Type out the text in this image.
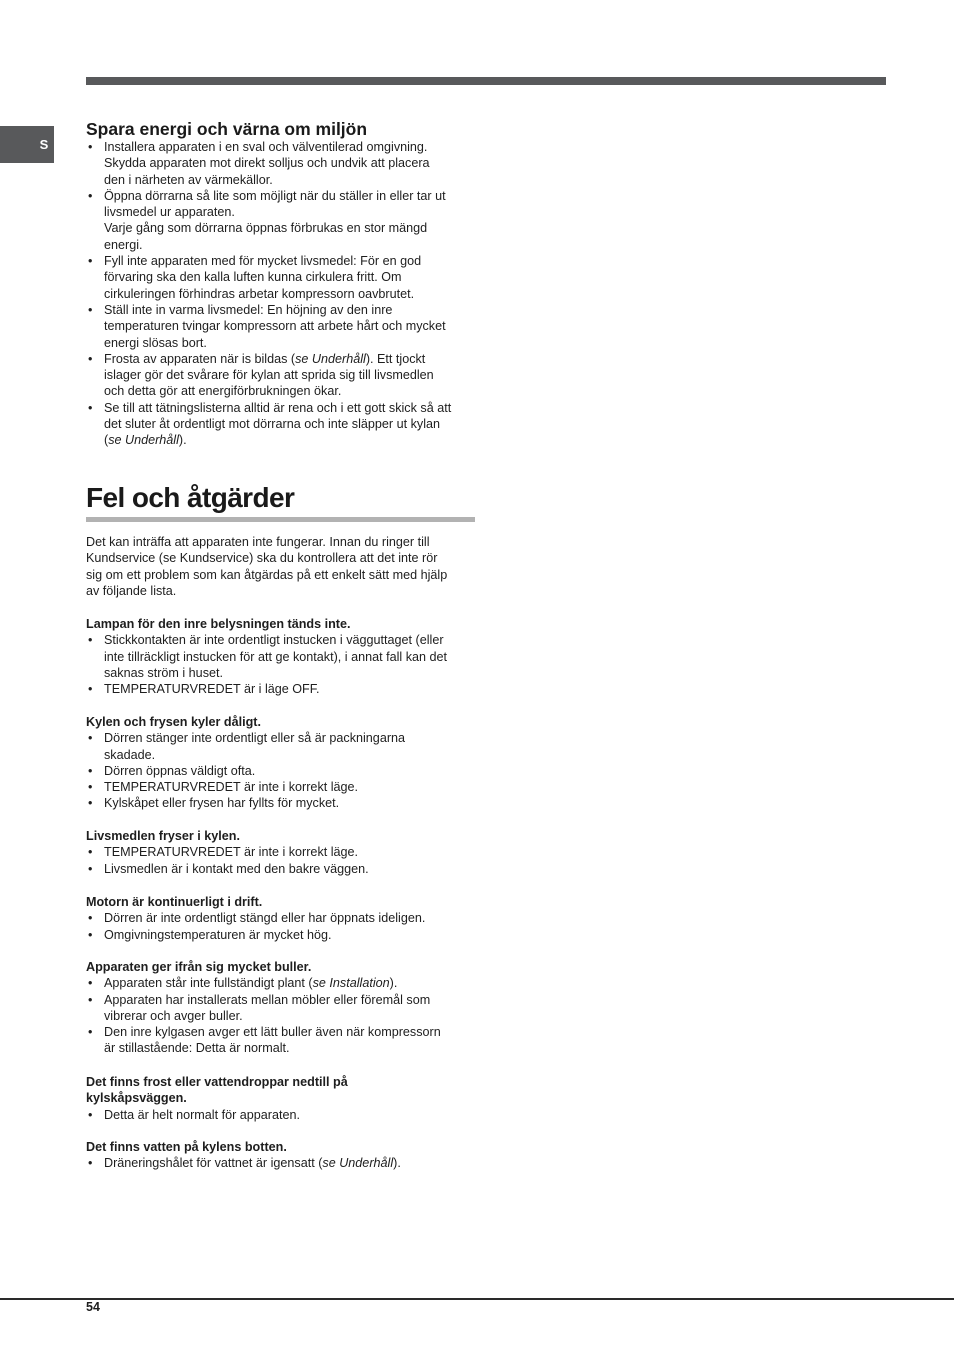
S
Spara energi och värna om miljön
• Installera apparaten i en sval och välventilerad omgivning.
Skydda apparaten mot direkt solljus och undvik att placera
den i närheten av värmekällor.
• Öppna dörrarna så lite som möjligt när du ställer in eller tar ut
livsmedel ur apparaten.
Varje gång som dörrarna öppnas förbrukas en stor mängd
energi.
• Fyll inte apparaten med för mycket livsmedel: För en god
förvaring ska den kalla luften kunna cirkulera fritt. Om
cirkuleringen förhindras arbetar kompressorn oavbrutet.
• Ställ inte in varma livsmedel: En höjning av den inre
temperaturen tvingar kompressorn att arbete hårt och mycket
energi slösas bort.
• Frosta av apparaten när is bildas (se Underhåll). Ett tjockt
islager gör det svårare för kylan att sprida sig till livsmedlen
och detta gör att energiförbrukningen ökar.
• Se till att tätningslisterna alltid är rena och i ett gott skick så att
det sluter åt ordentligt mot dörrarna och inte släpper ut kylan
(se Underhåll).
Fel och åtgärder
Det kan inträffa att apparaten inte fungerar. Innan du ringer till
Kundservice (se Kundservice) ska du kontrollera att det inte rör
sig om ett problem som kan åtgärdas på ett enkelt sätt med hjälp
av följande lista.
Lampan för den inre belysningen tänds inte.
• Stickkontakten är inte ordentligt instucken i vägguttaget (eller
inte tillräckligt instucken för att ge kontakt), i annat fall kan det
saknas ström i huset.
• TEMPERATURVREDET är i läge OFF.
Kylen och frysen kyler dåligt.
• Dörren stänger inte ordentligt eller så är packningarna
skadade.
• Dörren öppnas väldigt ofta.
• TEMPERATURVREDET är inte i korrekt läge.
• Kylskåpet eller frysen har fyllts för mycket.
Livsmedlen fryser i kylen.
• TEMPERATURVREDET är inte i korrekt läge.
• Livsmedlen är i kontakt med den bakre väggen.
Motorn är kontinuerligt i drift.
• Dörren är inte ordentligt stängd eller har öppnats ideligen.
• Omgivningstemperaturen är mycket hög.
Apparaten ger ifrån sig mycket buller.
• Apparaten står inte fullständigt plant (se Installation).
• Apparaten har installerats mellan möbler eller föremål som
vibrerar och avger buller.
• Den inre kylgasen avger ett lätt buller även när kompressorn
är stillastående: Detta är normalt.
Det finns frost eller vattendroppar nedtill på
kylskåpsväggen.
• Detta är helt normalt för apparaten.
Det finns vatten på kylens botten.
• Dräneringshålet för vattnet är igensatt (se Underhåll).
54
